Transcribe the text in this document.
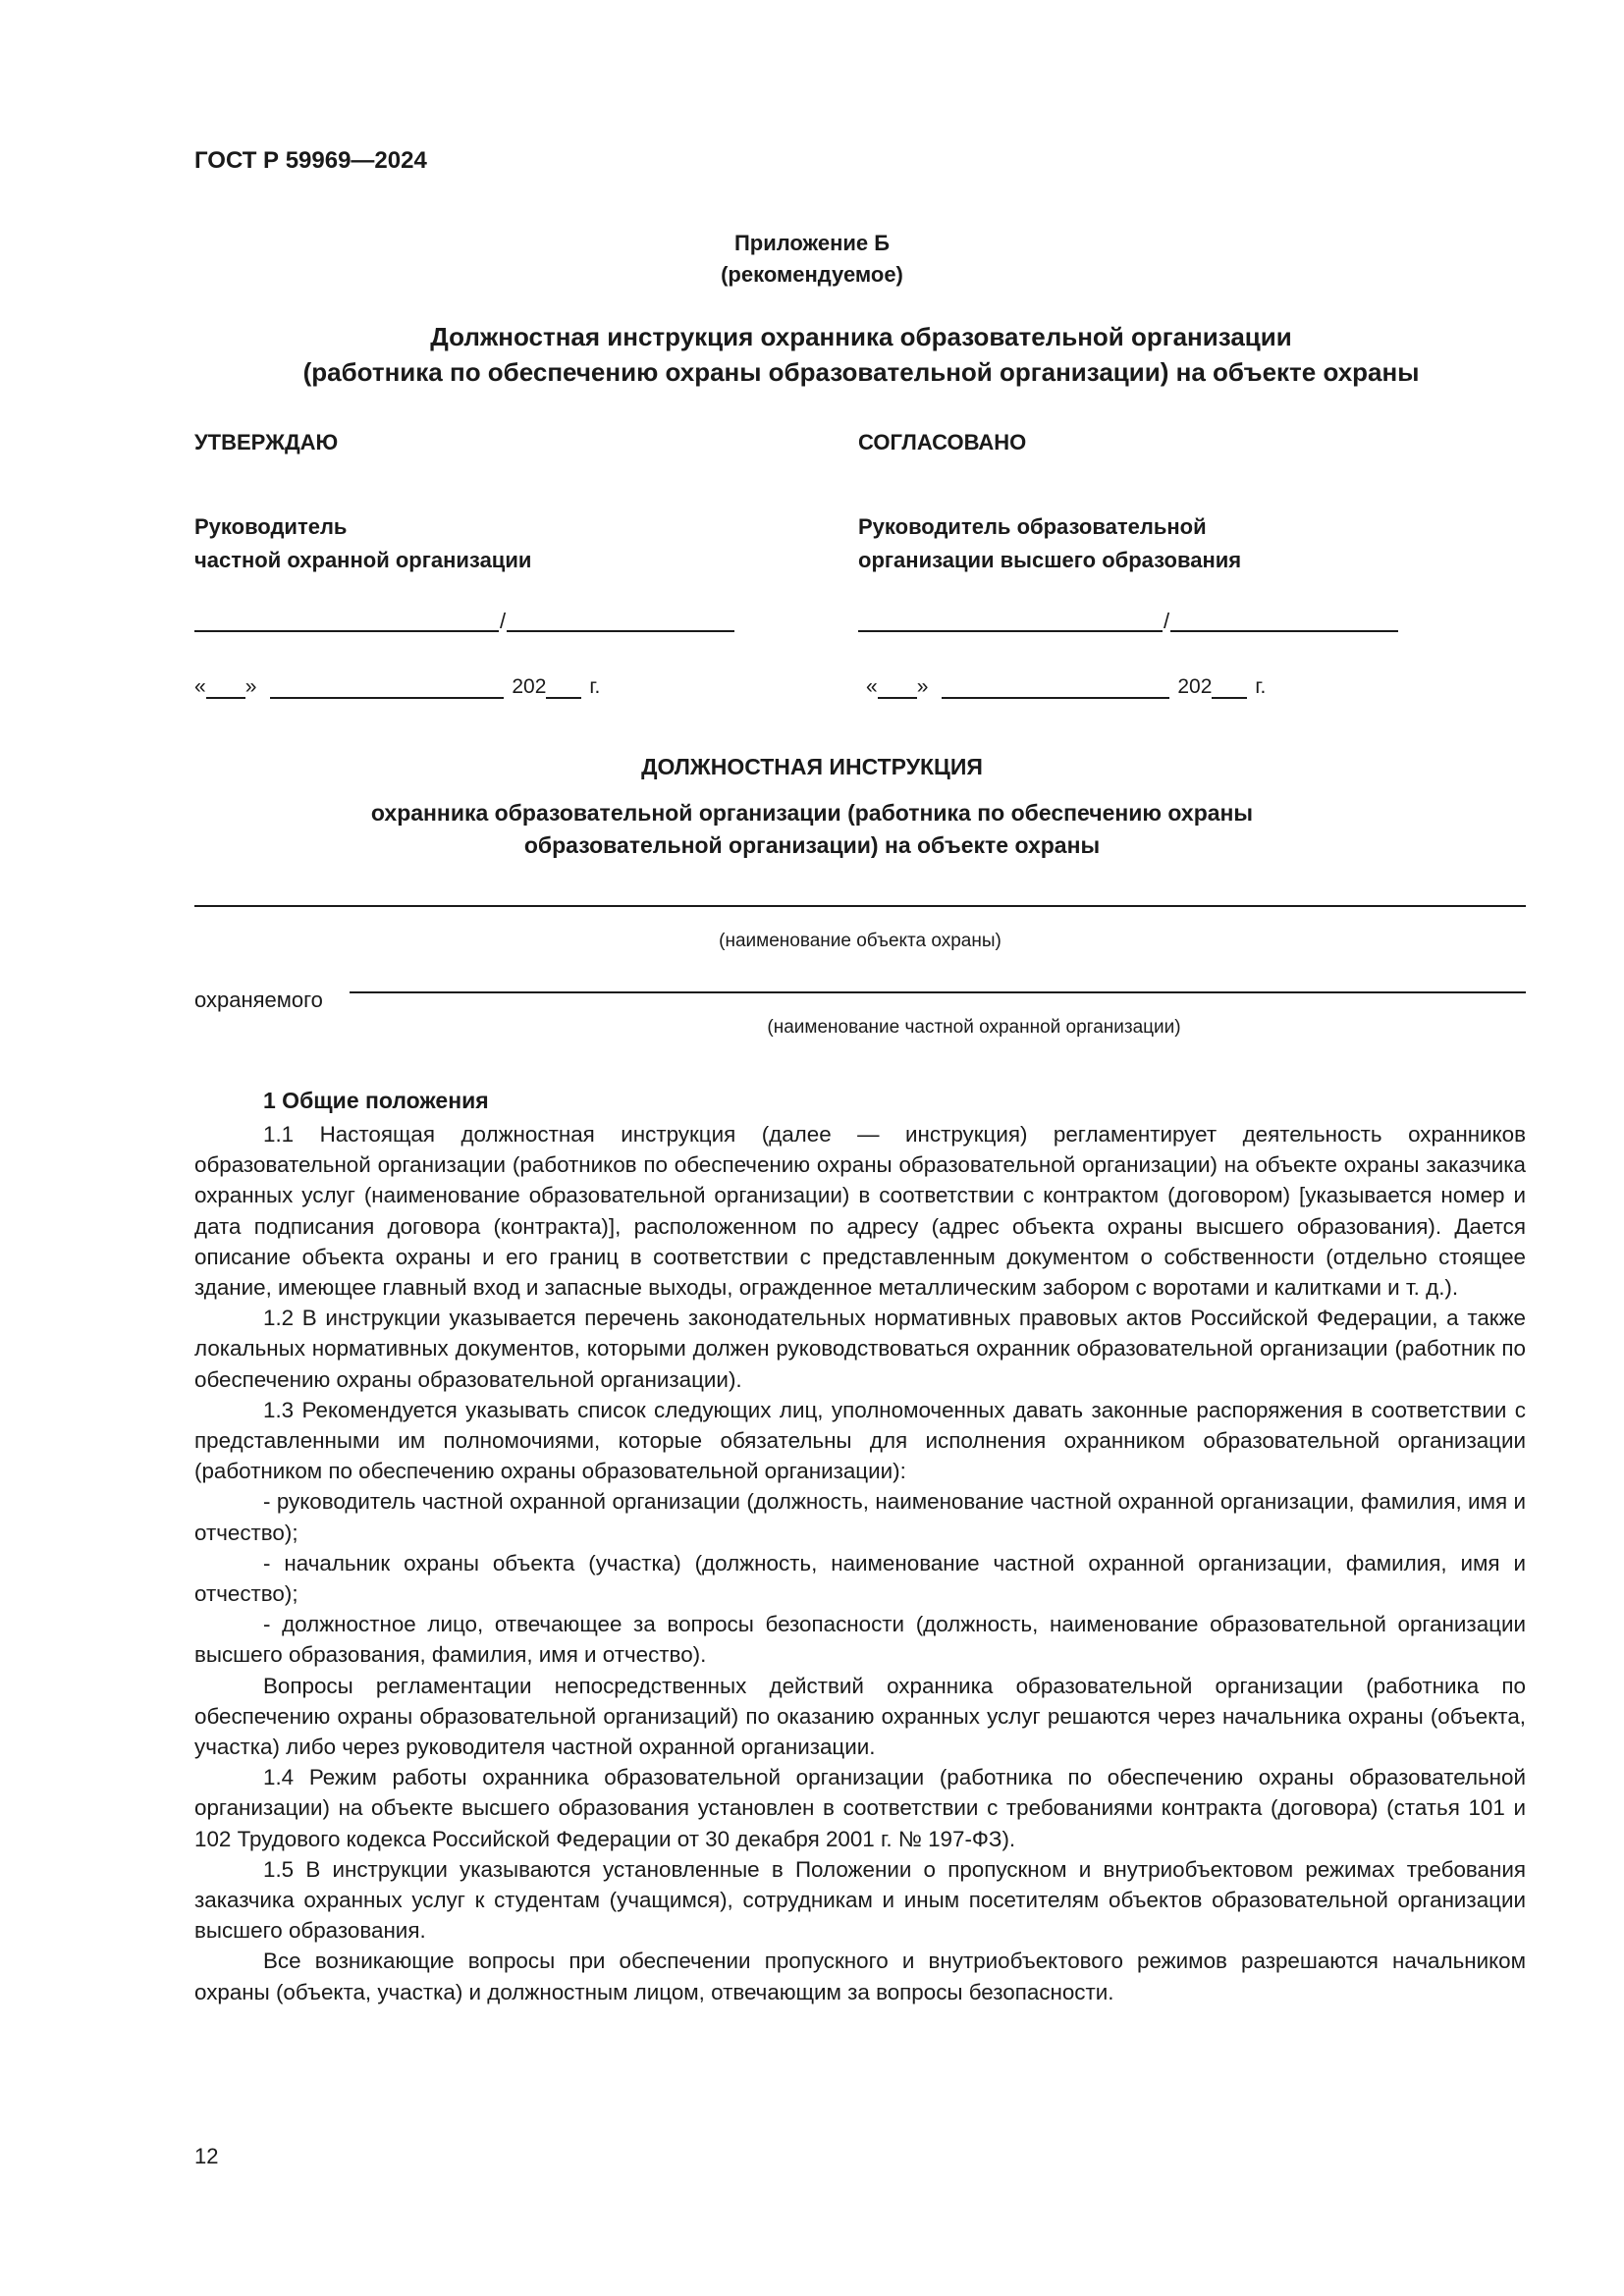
ГОСТ Р 59969—2024
Приложение Б
(рекомендуемое)
Должностная инструкция охранника образовательной организации
(работника по обеспечению охраны образовательной организации) на объекте охраны
УТВЕРЖДАЮ
Руководитель
частной охранной организации
/
« »	202 г.
СОГЛАСОВАНО
Руководитель образовательной
организации высшего образования
/
« »	202 г.
ДОЛЖНОСТНАЯ ИНСТРУКЦИЯ
охранника образовательной организации (работника по обеспечению охраны
образовательной организации) на объекте охраны
(наименование объекта охраны)
охраняемого
(наименование частной охранной организации)
1 Общие положения

1.1 Настоящая должностная инструкция (далее — инструкция) регламентирует деятельность охранников образовательной организации (работников по обеспечению охраны образовательной организации) на объекте охраны заказчика охранных услуг (наименование образовательной организации) в соответствии с контрактом (договором) [указывается номер и дата подписания договора (контракта)], расположенном по адресу (адрес объекта охраны высшего образования). Дается описание объекта охраны и его границ в соответствии с представленным документом о собственности (отдельно стоящее здание, имеющее главный вход и запасные выходы, огражденное металлическим забором с воротами и калитками и т. д.).

1.2 В инструкции указывается перечень законодательных нормативных правовых актов Российской Федерации, а также локальных нормативных документов, которыми должен руководствоваться охранник образовательной организации (работник по обеспечению охраны образовательной организации).

1.3 Рекомендуется указывать список следующих лиц, уполномоченных давать законные распоряжения в соответствии с представленными им полномочиями, которые обязательны для исполнения охранником образовательной организации (работником по обеспечению охраны образовательной организации):

- руководитель частной охранной организации (должность, наименование частной охранной организации, фамилия, имя и отчество);

- начальник охраны объекта (участка) (должность, наименование частной охранной организации, фамилия, имя и отчество);

- должностное лицо, отвечающее за вопросы безопасности (должность, наименование образовательной организации высшего образования, фамилия, имя и отчество).

Вопросы регламентации непосредственных действий охранника образовательной организации (работника по обеспечению охраны образовательной организаций) по оказанию охранных услуг решаются через начальника охраны (объекта, участка) либо через руководителя частной охранной организации.

1.4 Режим работы охранника образовательной организации (работника по обеспечению охраны образовательной организации) на объекте высшего образования установлен в соответствии с требованиями контракта (договора) (статья 101 и 102 Трудового кодекса Российской Федерации от 30 декабря 2001 г. № 197-ФЗ).

1.5 В инструкции указываются установленные в Положении о пропускном и внутриобъектовом режимах требования заказчика охранных услуг к студентам (учащимся), сотрудникам и иным посетителям объектов образовательной организации высшего образования.

Все возникающие вопросы при обеспечении пропускного и внутриобъектового режимов разрешаются начальником охраны (объекта, участка) и должностным лицом, отвечающим за вопросы безопасности.

12
